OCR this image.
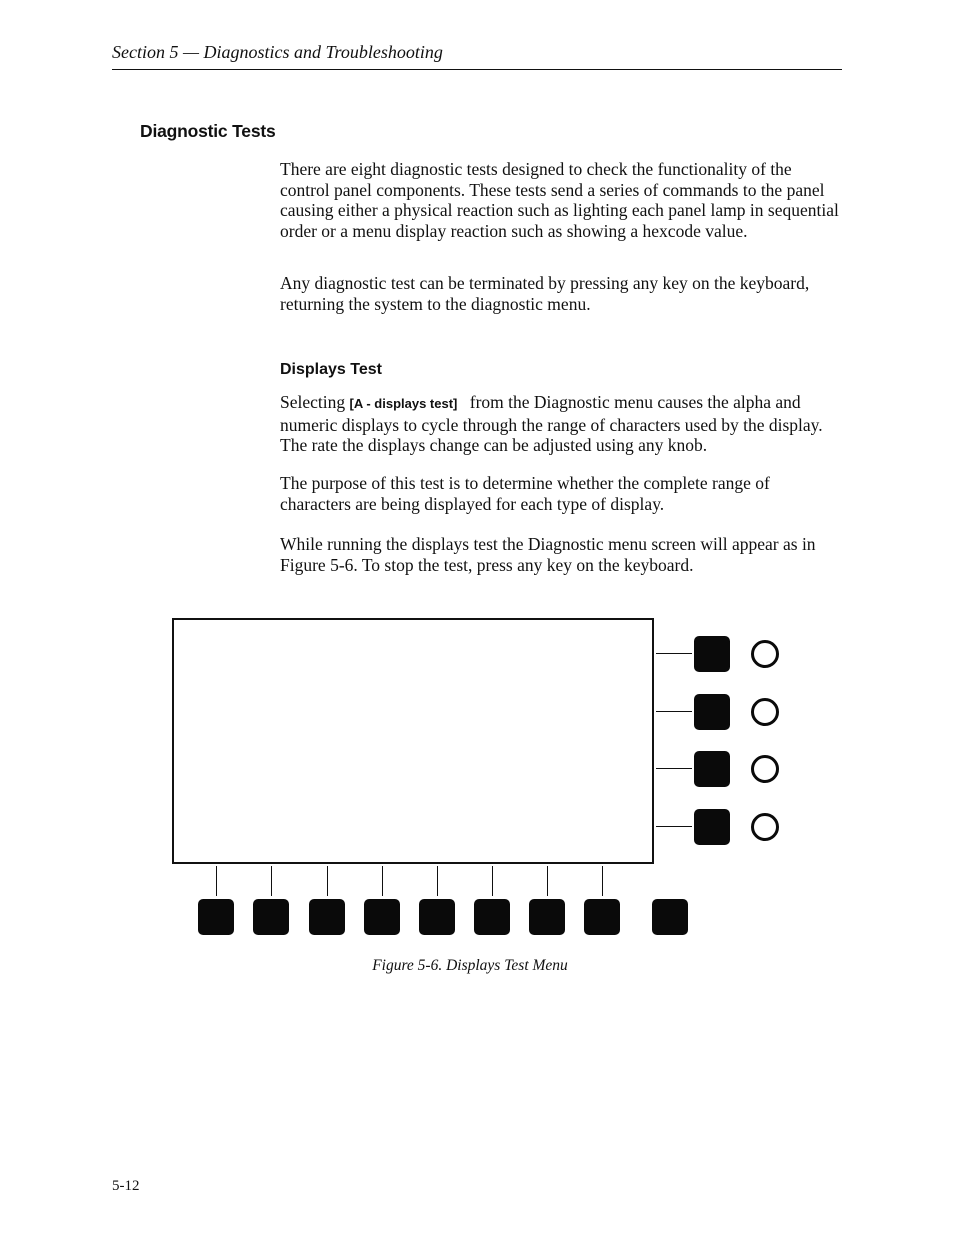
Section 5 — Diagnostics and Troubleshooting
Diagnostic Tests

There are eight diagnostic tests designed to check the functionality of the control panel components. These tests send a series of commands to the panel causing either a physical reaction such as lighting each panel lamp in sequential order or a menu display reaction such as showing a hexcode value.

Any diagnostic test can be terminated by pressing any key on the keyboard, returning the system to the diagnostic menu.

Displays Test

Selecting [A - displays test] from the Diagnostic menu causes the alpha and numeric displays to cycle through the range of characters used by the display. The rate the displays change can be adjusted using any knob.

The purpose of this test is to determine whether the complete range of characters are being displayed for each type of display.

While running the displays test the Diagnostic menu screen will appear as in Figure 5-6. To stop the test, press any key on the keyboard.

Figure 5-6. Displays Test Menu
5-12
